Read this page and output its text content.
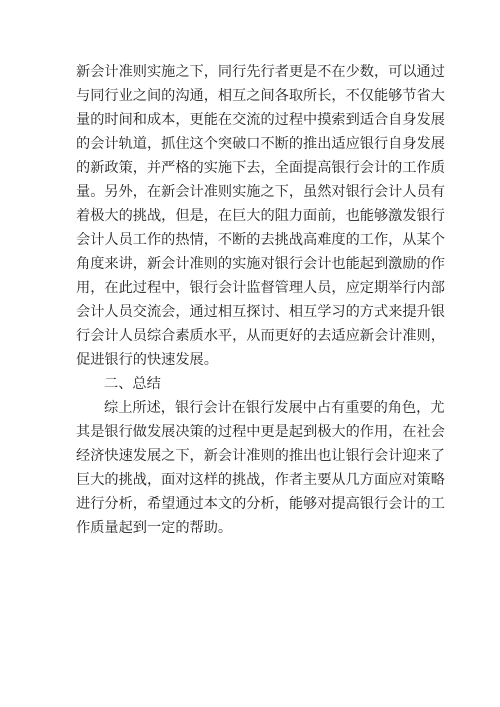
新会计准则实施之下，同行先行者更是不在少数，可以通过
与同行业之间的沟通，相互之间各取所长，不仅能够节省大
量的时间和成本，更能在交流的过程中摸索到适合自身发展
的会计轨道，抓住这个突破口不断的推出适应银行自身发展
的新政策，并严格的实施下去，全面提高银行会计的工作质
量。另外，在新会计准则实施之下，虽然对银行会计人员有
着极大的挑战，但是，在巨大的阻力面前，也能够激发银行
会计人员工作的热情，不断的去挑战高难度的工作，从某个
角度来讲，新会计准则的实施对银行会计也能起到激励的作
用，在此过程中，银行会计监督管理人员，应定期举行内部
会计人员交流会，通过相互探讨、相互学习的方式来提升银
行会计人员综合素质水平，从而更好的去适应新会计准则，
促进银行的快速发展。
二、总结
综上所述，银行会计在银行发展中占有重要的角色，尤
其是银行做发展决策的过程中更是起到极大的作用，在社会
经济快速发展之下，新会计准则的推出也让银行会计迎来了
巨大的挑战，面对这样的挑战，作者主要从几方面应对策略
进行分析，希望通过本文的分析，能够对提高银行会计的工
作质量起到一定的帮助。
